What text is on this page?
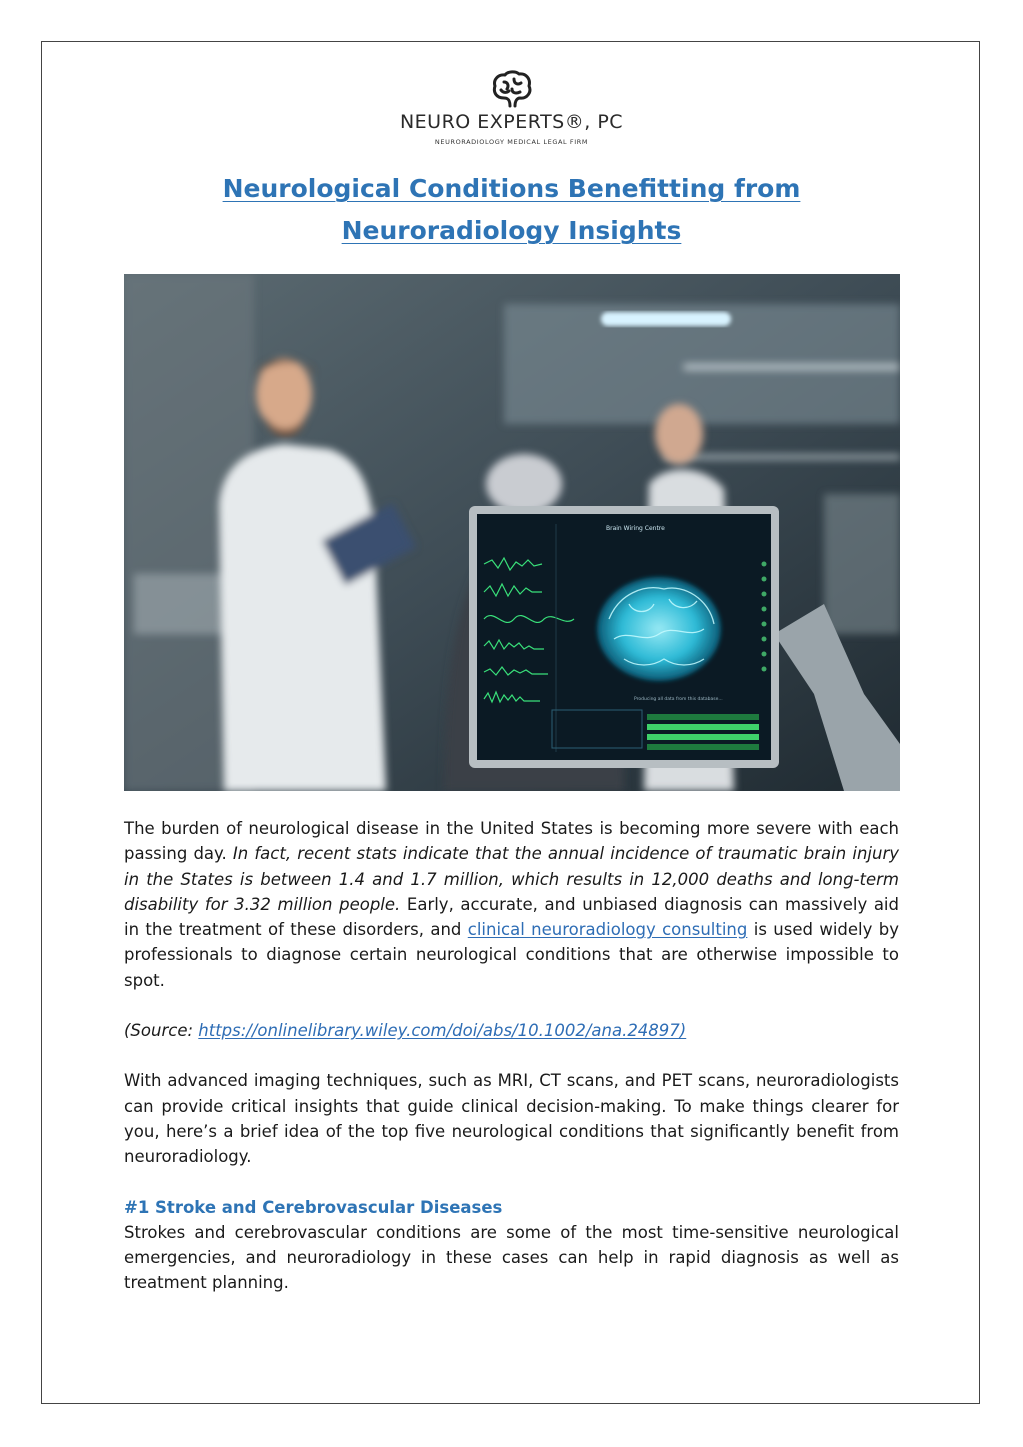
NEURO EXPERTS®, PC
NEURORADIOLOGY MEDICAL LEGAL FIRM
Neurological Conditions Benefitting from
Neuroradiology Insights
Brain Wiring Centre
Producing all data from this database...

The burden of neurological disease in the United States is becoming more severe with each passing day. In fact, recent stats indicate that the annual incidence of traumatic brain injury in the States is between 1.4 and 1.7 million, which results in 12,000 deaths and long-term disability for 3.32 million people. Early, accurate, and unbiased diagnosis can massively aid in the treatment of these disorders, and clinical neuroradiology consulting is used widely by professionals to diagnose certain neurological conditions that are otherwise impossible to spot.

(Source: https://onlinelibrary.wiley.com/doi/abs/10.1002/ana.24897)

With advanced imaging techniques, such as MRI, CT scans, and PET scans, neuroradiologists can provide critical insights that guide clinical decision-making. To make things clearer for you, here’s a brief idea of the top five neurological conditions that significantly benefit from neuroradiology.

#1 Stroke and Cerebrovascular Diseases

Strokes and cerebrovascular conditions are some of the most time-sensitive neurological emergencies, and neuroradiology in these cases can help in rapid diagnosis as well as treatment planning.
